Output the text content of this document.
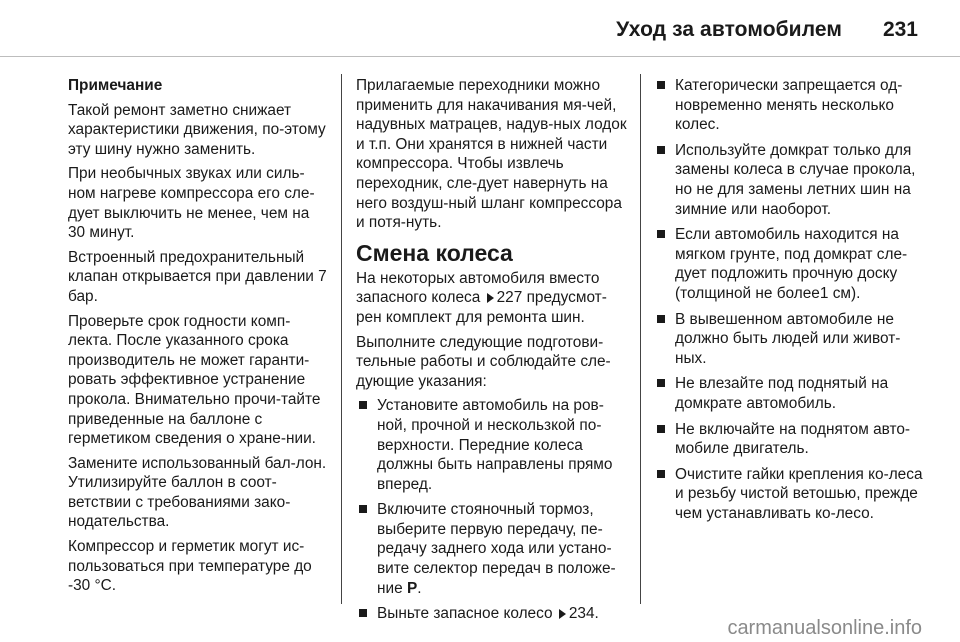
Уход за автомобилем 231

Примечание

Такой ремонт заметно снижает характеристики движения, по-этому эту шину нужно заменить.

При необычных звуках или силь-ном нагреве компрессора его сле-дует выключить не менее, чем на 30 минут.

Встроенный предохранительный клапан открывается при давлении 7 бар.

Проверьте срок годности комп-лекта. После указанного срока производитель не может гаранти-ровать эффективное устранение прокола. Внимательно прочи-тайте приведенные на баллоне с герметиком сведения о хране-нии.

Замените использованный бал-лон. Утилизируйте баллон в соот-ветствии с требованиями зако-нодательства.

Компрессор и герметик могут ис-пользоваться при температуре до -30 °C.

Прилагаемые переходники можно применить для накачивания мя-чей, надувных матрацев, надув-ных лодок и т.п. Они хранятся в нижней части компрессора. Чтобы извлечь переходник, сле-дует навернуть на него воздуш-ный шланг компрессора и потя-нуть.

Смена колеса

На некоторых автомобиля вместо запасного колеса 227 предусмот-рен комплект для ремонта шин.

Выполните следующие подготови-тельные работы и соблюдайте сле-дующие указания:

Установите автомобиль на ров-ной, прочной и нескользкой по-верхности. Передние колеса должны быть направлены прямо вперед.
Включите стояночный тормоз, выберите первую передачу, пе-редачу заднего хода или устано-вите селектор передач в положе-ние P.
Выньте запасное колесо 234.
Категорически запрещается од-новременно менять несколько колес.
Используйте домкрат только для замены колеса в случае прокола, но не для замены летних шин на зимние или наоборот.
Если автомобиль находится на мягком грунте, под домкрат сле-дует подложить прочную доску (толщиной не более1 см).
В вывешенном автомобиле не должно быть людей или живот-ных.
Не влезайте под поднятый на домкрате автомобиль.
Не включайте на поднятом авто-мобиле двигатель.
Очистите гайки крепления ко-леса и резьбу чистой ветошью, прежде чем устанавливать ко-лесо.
carmanualsonline.info
